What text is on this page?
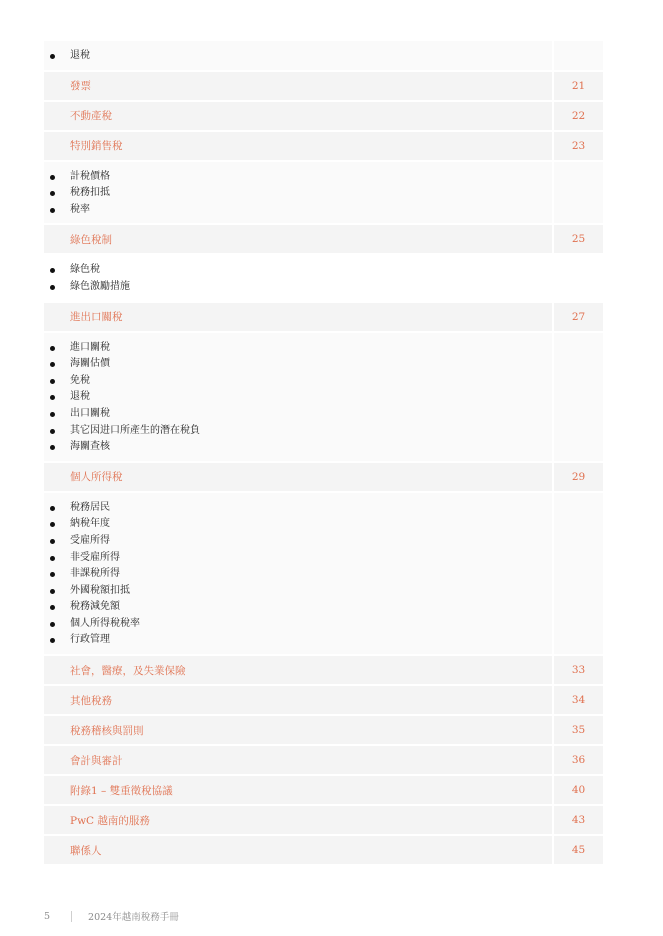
退稅
發票	21
不動產稅	22
特別銷售稅	23
計稅價格
稅務扣抵
稅率
綠色稅制	25
綠色稅
綠色激勵措施
進出口關稅	27
進口關稅
海關估價
免稅
退稅
出口關稅
其它因进口所產生的潛在稅負
海關查核
個人所得稅	29
稅務居民
納稅年度
受雇所得
非受雇所得
非課稅所得
外國稅額扣抵
稅務減免額
個人所得稅稅率
行政管理
社會，醫療，及失業保險	33
其他稅務	34
稅務稽核與罰則	35
會計與審計	36
附錄1 – 雙重徵稅協議	40
PwC 越南的服務	43
聯係人	45
5	2024年越南稅務手冊
